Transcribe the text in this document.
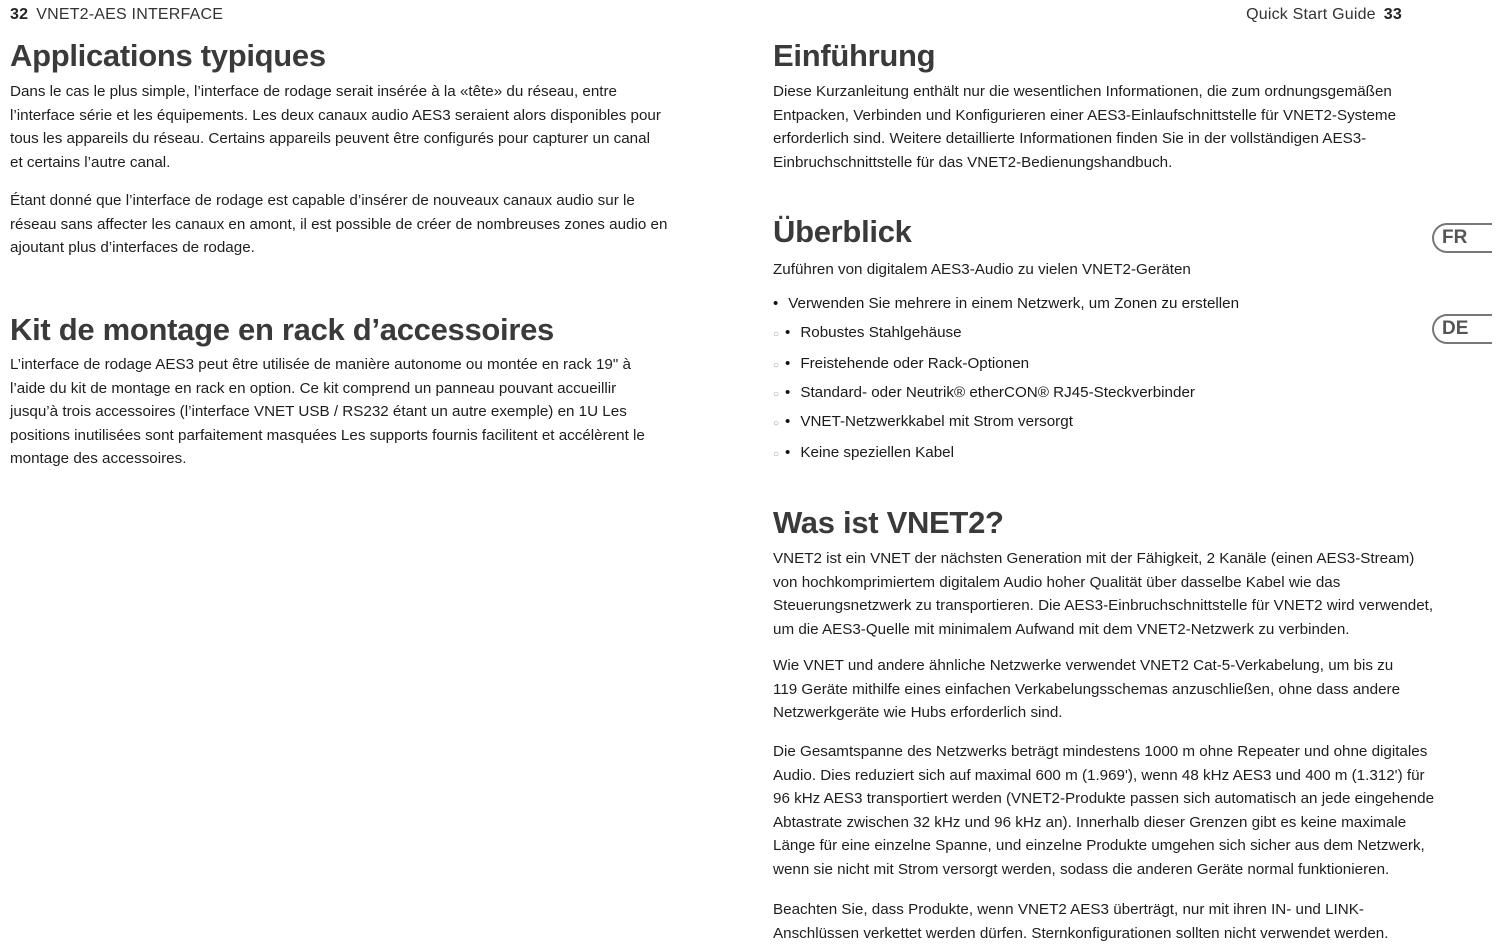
32 VNET2-AES INTERFACE	Quick Start Guide 33
Applications typiques

Dans le cas le plus simple, l’interface de rodage serait insérée à la «tête» du réseau, entre
l’interface série et les équipements. Les deux canaux audio AES3 seraient alors disponibles pour
tous les appareils du réseau. Certains appareils peuvent être configurés pour capturer un canal
et certains l’autre canal.

Étant donné que l’interface de rodage est capable d’insérer de nouveaux canaux audio sur le
réseau sans affecter les canaux en amont, il est possible de créer de nombreuses zones audio en
ajoutant plus d’interfaces de rodage.

Kit de montage en rack d’accessoires

L’interface de rodage AES3 peut être utilisée de manière autonome ou montée en rack 19" à
l’aide du kit de montage en rack en option. Ce kit comprend un panneau pouvant accueillir
jusqu’à trois accessoires (l’interface VNET USB / RS232 étant un autre exemple) en 1U Les
positions inutilisées sont parfaitement masquées Les supports fournis facilitent et accélèrent le
montage des accessoires.

Einführung

Diese Kurzanleitung enthält nur die wesentlichen Informationen, die zum ordnungsgemäßen
Entpacken, Verbinden und Konfigurieren einer AES3-Einlaufschnittstelle für VNET2-Systeme
erforderlich sind. Weitere detaillierte Informationen finden Sie in der vollständigen AES3-
Einbruchschnittstelle für das VNET2-Bedienungshandbuch.

Überblick

Zuführen von digitalem AES3-Audio zu vielen VNET2-Geräten

• Verwenden Sie mehrere in einem Netzwerk, um Zonen zu erstellen
○ • Robustes Stahlgehäuse
○ • Freistehende oder Rack-Optionen
○ • Standard- oder Neutrik® etherCON® RJ45-Steckverbinder
○ • VNET-Netzwerkkabel mit Strom versorgt
○ • Keine speziellen Kabel
Was ist VNET2?

VNET2 ist ein VNET der nächsten Generation mit der Fähigkeit, 2 Kanäle (einen AES3-Stream)
von hochkomprimiertem digitalem Audio hoher Qualität über dasselbe Kabel wie das
Steuerungsnetzwerk zu transportieren. Die AES3-Einbruchschnittstelle für VNET2 wird verwendet,
um die AES3-Quelle mit minimalem Aufwand mit dem VNET2-Netzwerk zu verbinden.

Wie VNET und andere ähnliche Netzwerke verwendet VNET2 Cat-5-Verkabelung, um bis zu
119 Geräte mithilfe eines einfachen Verkabelungsschemas anzuschließen, ohne dass andere
Netzwerkgeräte wie Hubs erforderlich sind.

Die Gesamtspanne des Netzwerks beträgt mindestens 1000 m ohne Repeater und ohne digitales
Audio. Dies reduziert sich auf maximal 600 m (1.969'), wenn 48 kHz AES3 und 400 m (1.312') für
96 kHz AES3 transportiert werden (VNET2-Produkte passen sich automatisch an jede eingehende
Abtastrate zwischen 32 kHz und 96 kHz an). Innerhalb dieser Grenzen gibt es keine maximale
Länge für eine einzelne Spanne, und einzelne Produkte umgehen sich sicher aus dem Netzwerk,
wenn sie nicht mit Strom versorgt werden, sodass die anderen Geräte normal funktionieren.

Beachten Sie, dass Produkte, wenn VNET2 AES3 überträgt, nur mit ihren IN- und LINK-
Anschlüssen verkettet werden dürfen. Sternkonfigurationen sollten nicht verwendet werden.

FR
DE
